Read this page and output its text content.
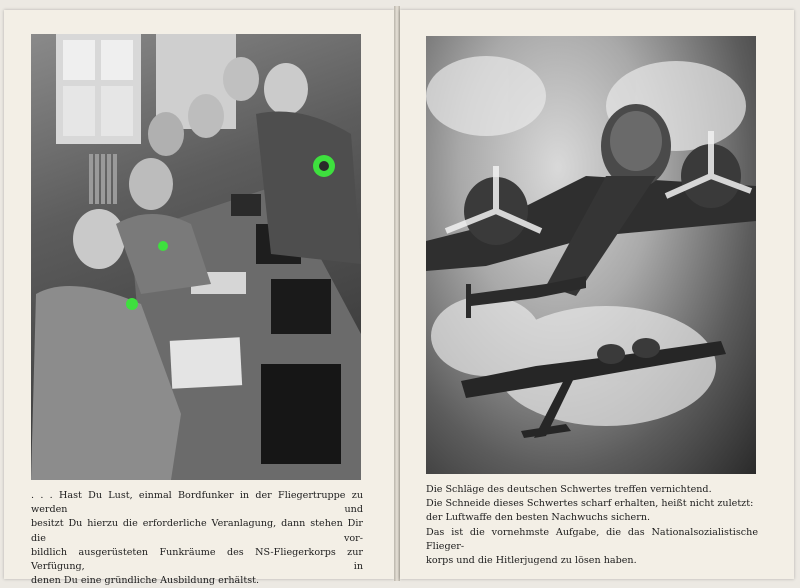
. . . Hast Du Lust, einmal Bordfunker in der Fliegertruppe zu werden und
besitzt Du hierzu die erforderliche Veranlagung, dann stehen Dir die vor-
bildlich ausgerüsteten Funkräume des NS-Fliegerkorps zur Verfügung, in
denen Du eine gründliche Ausbildung erhältst.

Die Schläge des deutschen Schwertes treffen vernichtend.
Die Schneide dieses Schwertes scharf erhalten, heißt nicht zuletzt:
der Luftwaffe den besten Nachwuchs sichern.
Das ist die vornehmste Aufgabe, die das Nationalsozialistische Flieger-
korps und die Hitlerjugend zu lösen haben.
